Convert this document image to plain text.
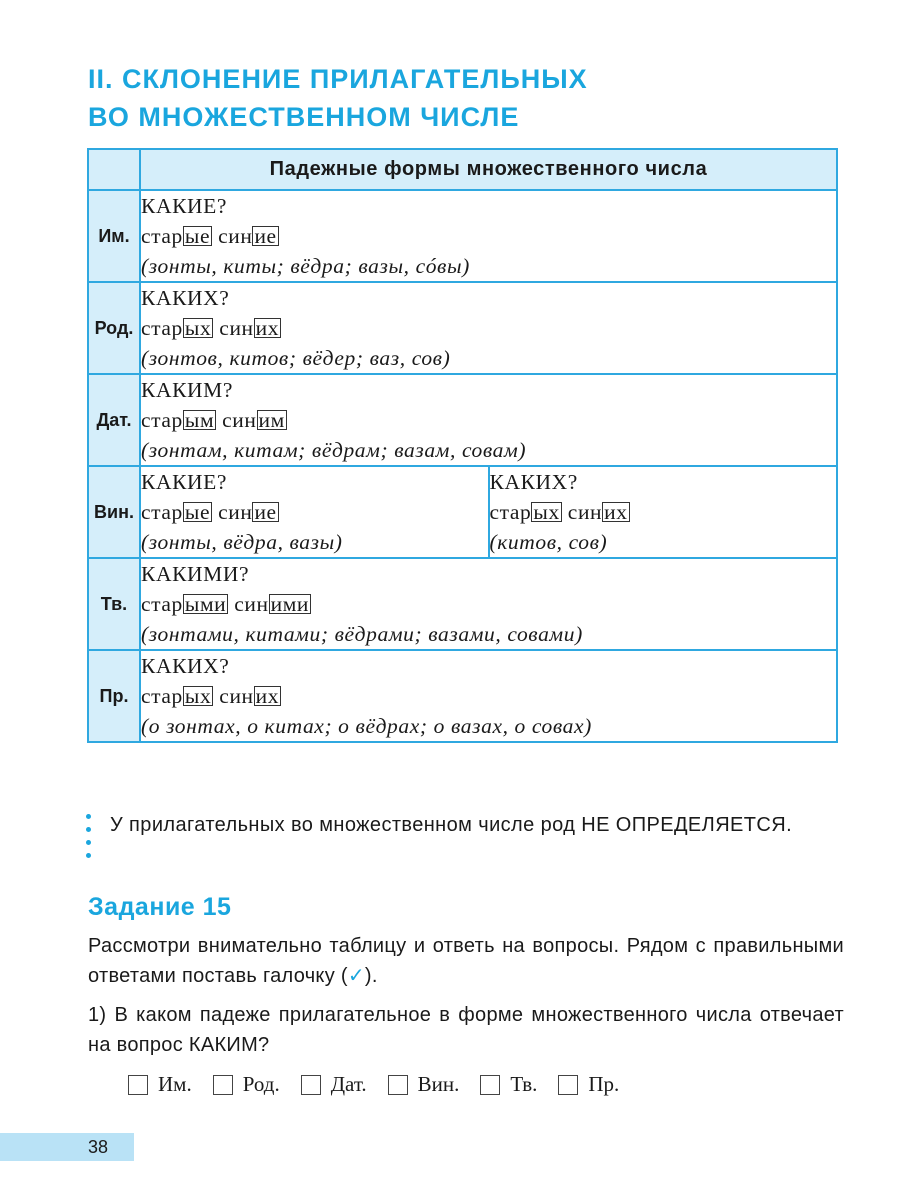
II. СКЛОНЕНИЕ ПРИЛАГАТЕЛЬНЫХ
ВО МНОЖЕСТВЕННОМ ЧИСЛЕ
	Падежные формы множественного числа	
Им.	КАКИЕ?
старые синие
(зонты, киты; вёдра; вазы, сóвы)	

Род.	КАКИХ?
старых синих
(зонтов, китов; вёдер; ваз, сов)	

Дат.	КАКИМ?
старым синим
(зонтам, китам; вёдрам; вазам, совам)	

Вин.	КАКИЕ?
старые синие
(зонты, вёдра, вазы)	КАКИХ?
старых синих
(китов, сов)

Тв.	КАКИМИ?
старыми синими
(зонтами, китами; вёдрами; вазами, совами)	

Пр.	КАКИХ?
старых синих
(о зонтах, о китах; о вёдрах; о вазах, о совах)	
У прилагательных во множественном числе род НЕ ОПРЕДЕЛЯЕТСЯ.
Задание 15
Рассмотри внимательно таблицу и ответь на вопросы. Рядом с правильными ответами поставь галочку (✓).
1) В каком падеже прилагательное в форме множественного числа отвечает на вопрос КАКИМ?
Им. Род. Дат. Вин. Тв. Пр.
38
